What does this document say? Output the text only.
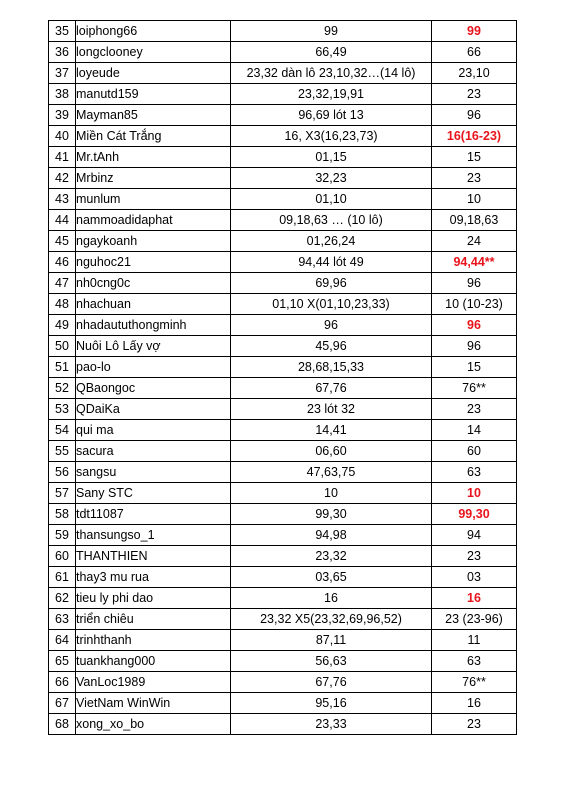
35	loiphong66	99	99
36	longclooney	66,49	66
37	loyeude	23,32 dàn lô 23,10,32…(14 lô)	23,10
38	manutd159	23,32,19,91	23
39	Mayman85	96,69 lót 13	96
40	Miền Cát Trắng	16, X3(16,23,73)	16(16-23)
41	Mr.tAnh	01,15	15
42	Mrbinz	32,23	23
43	munlum	01,10	10
44	nammoadidaphat	09,18,63 … (10 lô)	09,18,63
45	ngaykoanh	01,26,24	24
46	nguhoc21	94,44 lót 49	94,44**
47	nh0cng0c	69,96	96
48	nhachuan	01,10 X(01,10,23,33)	10 (10-23)
49	nhadaututhongminh	96	96
50	Nuôi Lô Lấy vợ	45,96	96
51	pao-lo	28,68,15,33	15
52	QBaongoc	67,76	76**
53	QDaiKa	23 lót 32	23
54	qui ma	14,41	14
55	sacura	06,60	60
56	sangsu	47,63,75	63
57	Sany STC	10	10
58	tdt11087	99,30	99,30
59	thansungso_1	94,98	94
60	THANTHIEN	23,32	23
61	thay3 mu rua	03,65	03
62	tieu ly phi dao	16	16
63	triển chiêu	23,32 X5(23,32,69,96,52)	23 (23-96)
64	trinhthanh	87,11	11
65	tuankhang000	56,63	63
66	VanLoc1989	67,76	76**
67	VietNam WinWin	95,16	16
68	xong_xo_bo	23,33	23
